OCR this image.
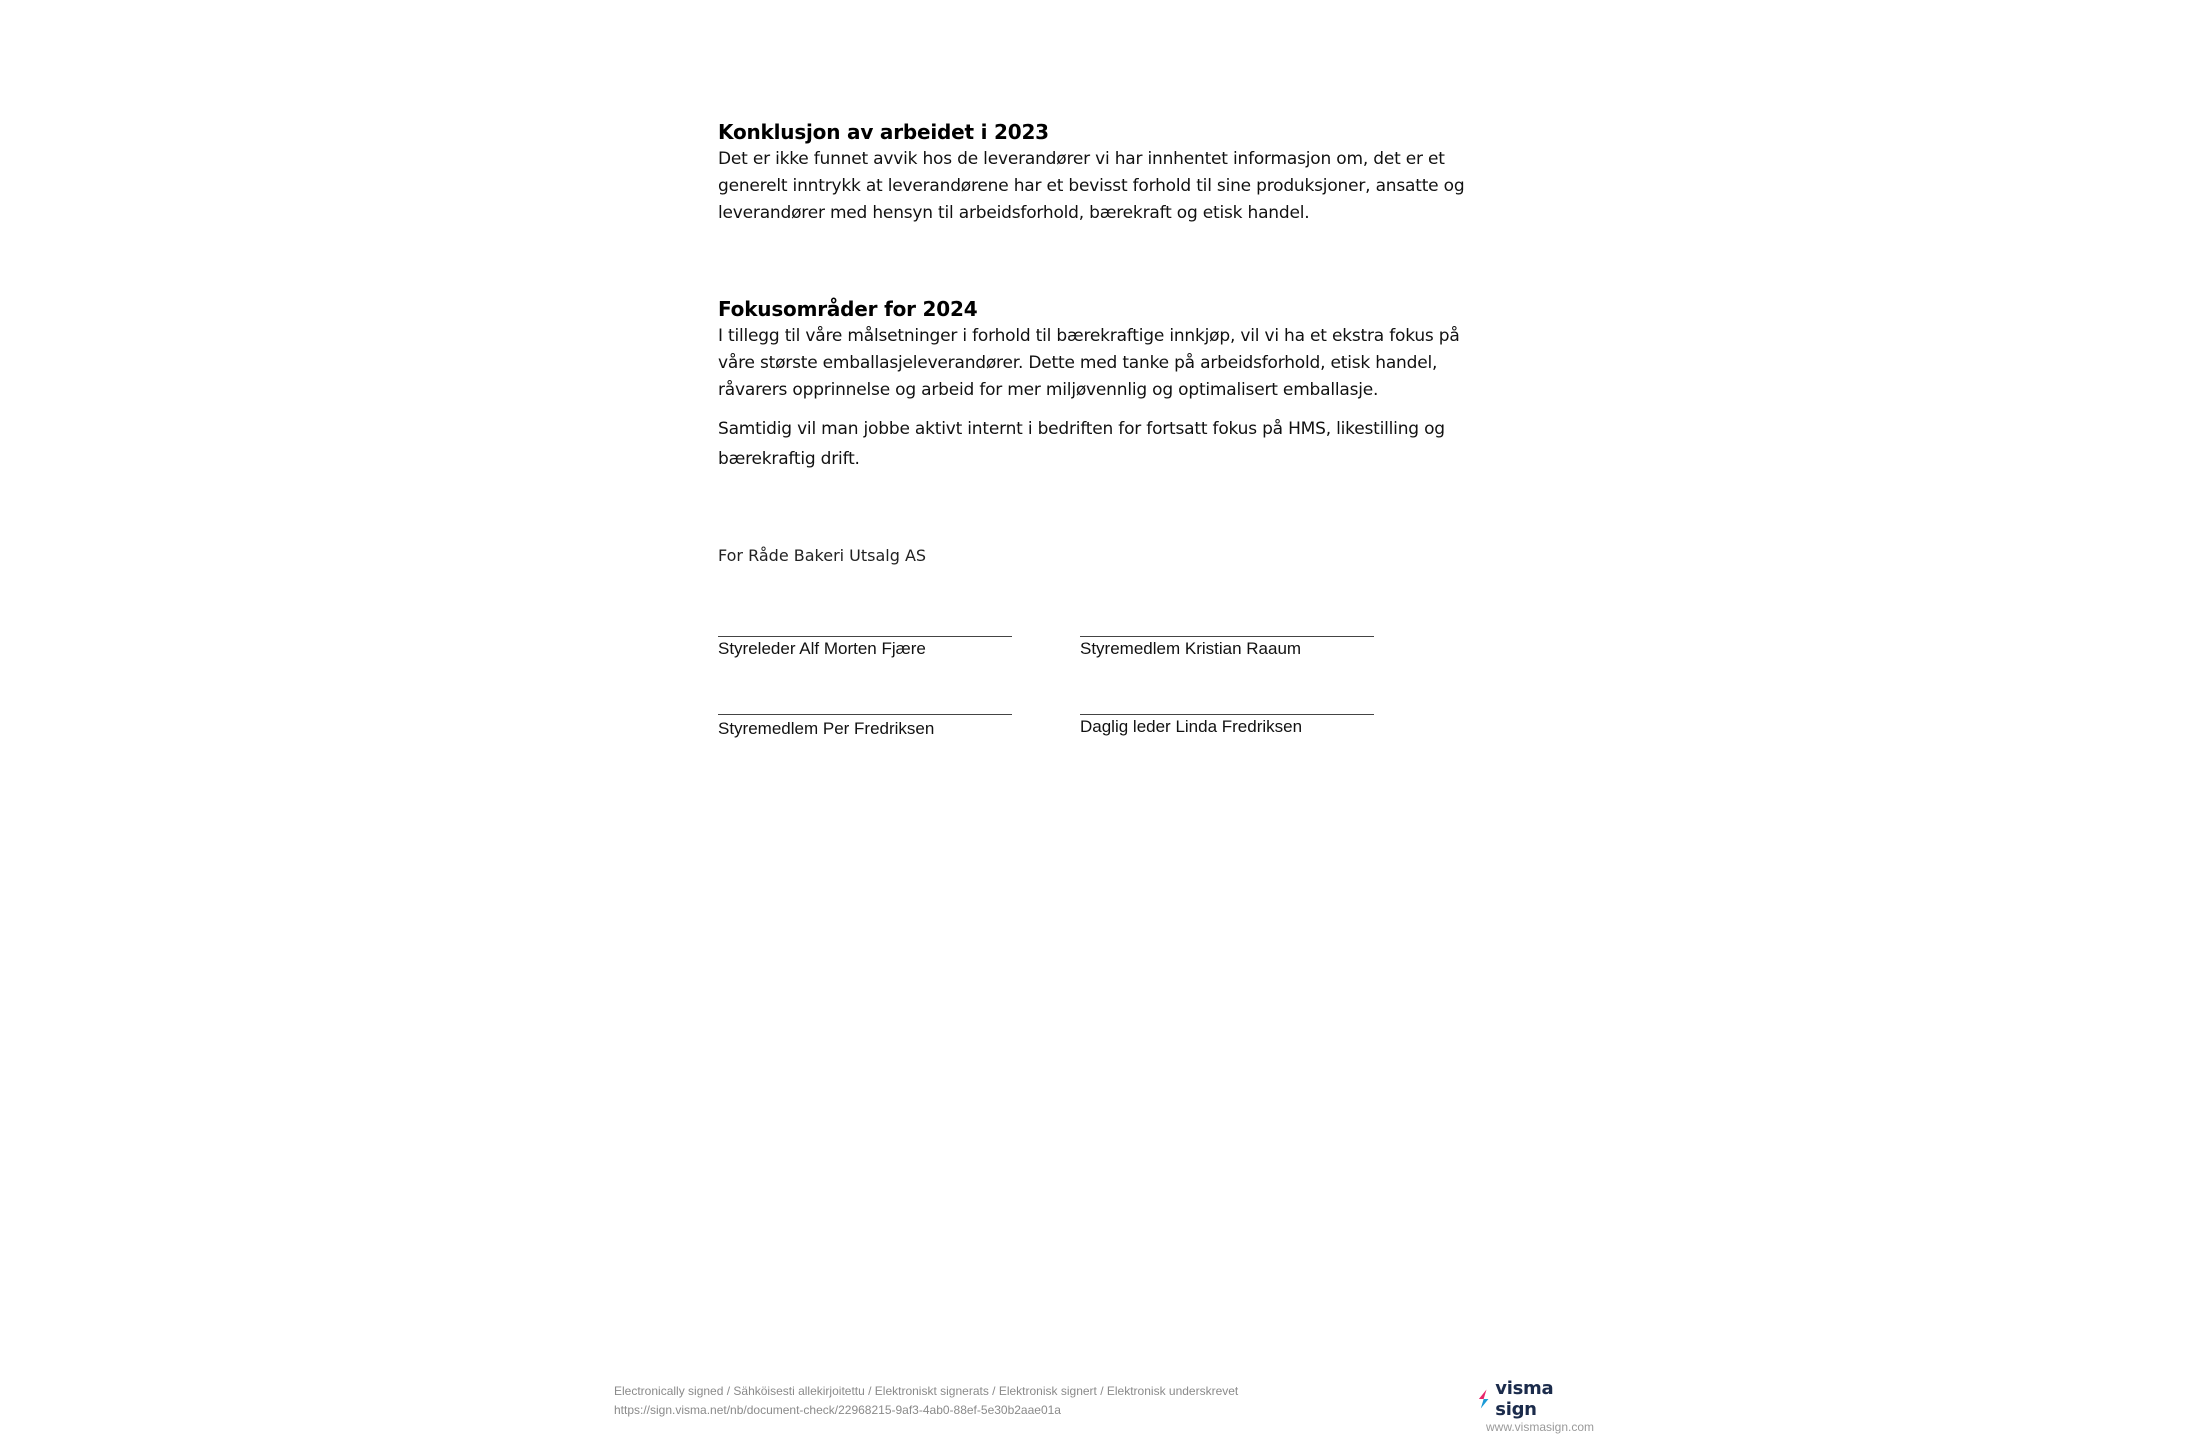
Konklusjon av arbeidet i 2023

Det er ikke funnet avvik hos de leverandører vi har innhentet informasjon om, det er et generelt inntrykk at leverandørene har et bevisst forhold til sine produksjoner, ansatte og leverandører med hensyn til arbeidsforhold, bærekraft og etisk handel.

Fokusområder for 2024

I tillegg til våre målsetninger i forhold til bærekraftige innkjøp, vil vi ha et ekstra fokus på våre største emballasjeleverandører. Dette med tanke på arbeidsforhold, etisk handel, råvarers opprinnelse og arbeid for mer miljøvennlig og optimalisert emballasje.

Samtidig vil man jobbe aktivt internt i bedriften for fortsatt fokus på HMS, likestilling og bærekraftig drift.

For Råde Bakeri Utsalg AS
Styreleder Alf Morten Fjære	Styremedlem Kristian Raaum
Styremedlem Per Fredriksen	Daglig leder Linda Fredriksen
Electronically signed / Sähköisesti allekirjoitettu / Elektroniskt signerats / Elektronisk signert / Elektronisk underskrevet
https://sign.visma.net/nb/document-check/22968215-9af3-4ab0-88ef-5e30b2aae01a
visma sign
www.vismasign.com
